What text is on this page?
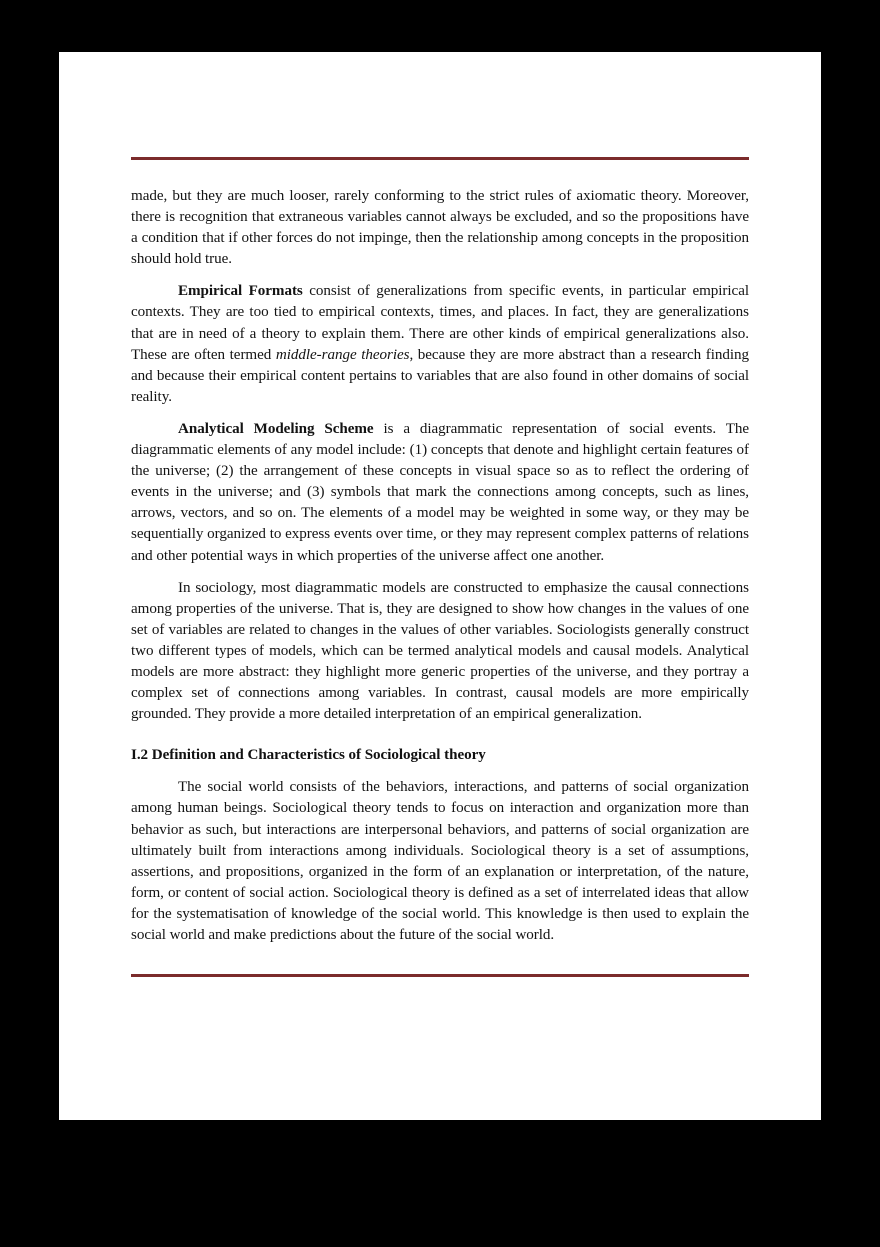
made, but they are much looser, rarely conforming to the strict rules of axiomatic theory. Moreover, there is recognition that extraneous variables cannot always be excluded, and so the propositions have a condition that if other forces do not impinge, then the relationship among concepts in the proposition should hold true.

Empirical Formats consist of generalizations from specific events, in particular empirical contexts. They are too tied to empirical contexts, times, and places. In fact, they are generalizations that are in need of a theory to explain them. There are other kinds of empirical generalizations also. These are often termed middle-range theories, because they are more abstract than a research finding and because their empirical content pertains to variables that are also found in other domains of social reality.

Analytical Modeling Scheme is a diagrammatic representation of social events. The diagrammatic elements of any model include: (1) concepts that denote and highlight certain features of the universe; (2) the arrangement of these concepts in visual space so as to reflect the ordering of events in the universe; and (3) symbols that mark the connections among concepts, such as lines, arrows, vectors, and so on. The elements of a model may be weighted in some way, or they may be sequentially organized to express events over time, or they may represent complex patterns of relations and other potential ways in which properties of the universe affect one another.

In sociology, most diagrammatic models are constructed to emphasize the causal connections among properties of the universe. That is, they are designed to show how changes in the values of one set of variables are related to changes in the values of other variables. Sociologists generally construct two different types of models, which can be termed analytical models and causal models. Analytical models are more abstract: they highlight more generic properties of the universe, and they portray a complex set of connections among variables. In contrast, causal models are more empirically grounded. They provide a more detailed interpretation of an empirical generalization.

I.2 Definition and Characteristics of Sociological theory

The social world consists of the behaviors, interactions, and patterns of social organization among human beings. Sociological theory tends to focus on interaction and organization more than behavior as such, but interactions are interpersonal behaviors, and patterns of social organization are ultimately built from interactions among individuals. Sociological theory is a set of assumptions, assertions, and propositions, organized in the form of an explanation or interpretation, of the nature, form, or content of social action. Sociological theory is defined as a set of interrelated ideas that allow for the systematisation of knowledge of the social world. This knowledge is then used to explain the social world and make predictions about the future of the social world.
